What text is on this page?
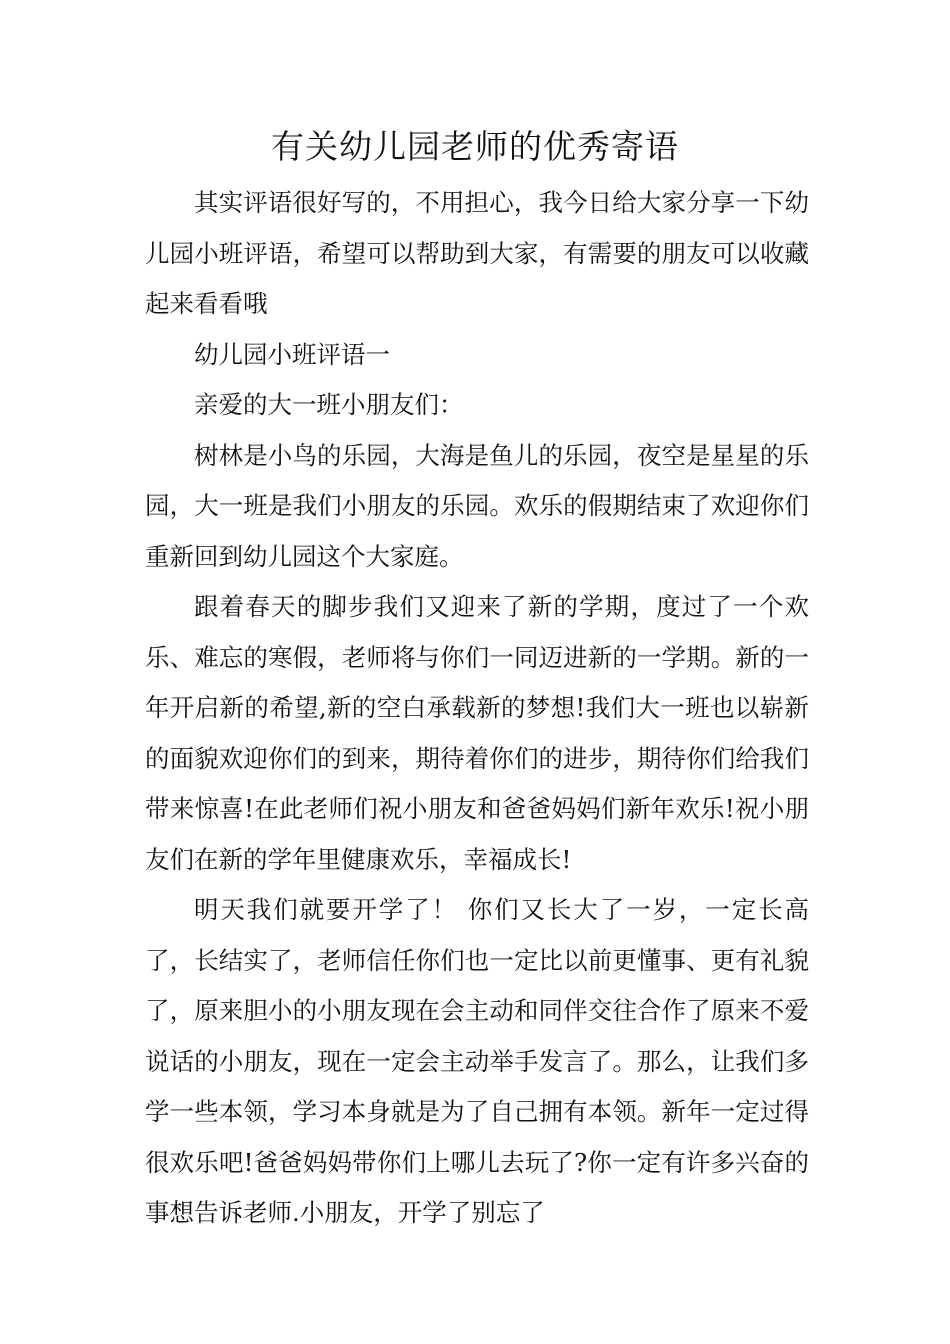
有关幼儿园老师的优秀寄语

其实评语很好写的，不用担心，我今日给大家分享一下幼儿园小班评语，希望可以帮助到大家，有需要的朋友可以收藏起来看看哦

幼儿园小班评语一

亲爱的大一班小朋友们：

树林是小鸟的乐园，大海是鱼儿的乐园，夜空是星星的乐园，大一班是我们小朋友的乐园。欢乐的假期结束了欢迎你们重新回到幼儿园这个大家庭。

跟着春天的脚步我们又迎来了新的学期，度过了一个欢乐、难忘的寒假，老师将与你们一同迈进新的一学期。新的一年开启新的希望,新的空白承载新的梦想!我们大一班也以崭新的面貌欢迎你们的到来，期待着你们的进步，期待你们给我们带来惊喜!在此老师们祝小朋友和爸爸妈妈们新年欢乐!祝小朋友们在新的学年里健康欢乐，幸福成长!

明天我们就要开学了！ 你们又长大了一岁，一定长高了，长结实了，老师信任你们也一定比以前更懂事、更有礼貌了，原来胆小的小朋友现在会主动和同伴交往合作了原来不爱说话的小朋友，现在一定会主动举手发言了。那么，让我们多学一些本领，学习本身就是为了自己拥有本领。新年一定过得很欢乐吧!爸爸妈妈带你们上哪儿去玩了?你一定有许多兴奋的事想告诉老师.小朋友，开学了别忘了
